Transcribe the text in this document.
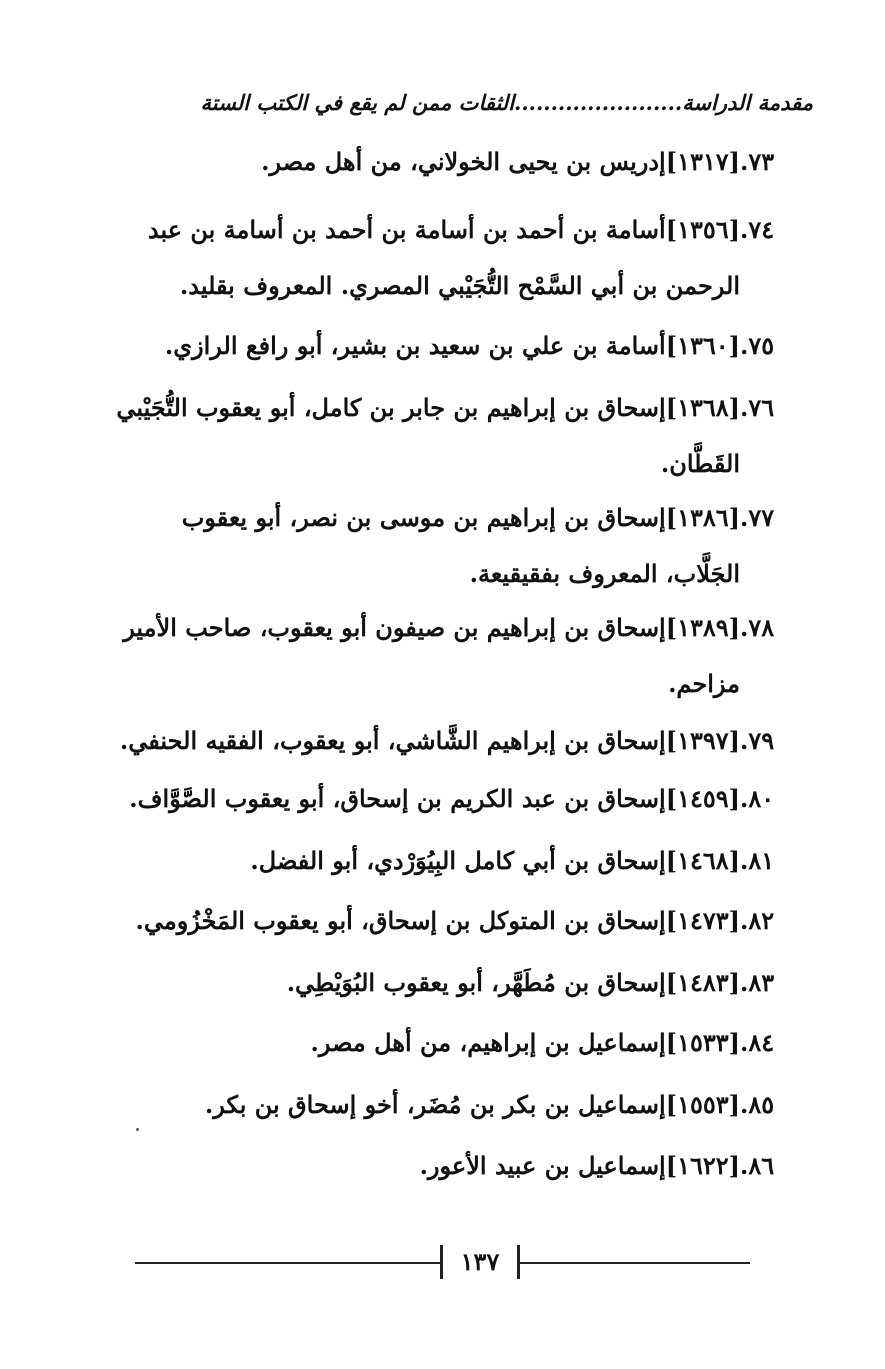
مقدمة الدراسة.......................الثقات ممن لم يقع في الكتب الستة
٧٣.[١٣١٧]إدريس بن يحيى الخولاني، من أهل مصر.
٧٤.[١٣٥٦]أسامة بن أحمد بن أسامة بن أحمد بن أسامة بن عبد
الرحمن بن أبي السَّمْح التُّجَيْبي المصري. المعروف بقليد.
٧٥.[١٣٦٠]أسامة بن علي بن سعيد بن بشير، أبو رافع الرازي.
٧٦.[١٣٦٨]إسحاق بن إبراهيم بن جابر بن كامل، أبو يعقوب التُّجَيْبي
القَطَّان.
٧٧.[١٣٨٦]إسحاق بن إبراهيم بن موسى بن نصر، أبو يعقوب
الجَلَّاب، المعروف بفقيقيعة.
٧٨.[١٣٨٩]إسحاق بن إبراهيم بن صيفون أبو يعقوب، صاحب الأمير
مزاحم.
٧٩.[١٣٩٧]إسحاق بن إبراهيم الشَّاشي، أبو يعقوب، الفقيه الحنفي.
٨٠.[١٤٥٩]إسحاق بن عبد الكريم بن إسحاق، أبو يعقوب الصَّوَّاف.
٨١.[١٤٦٨]إسحاق بن أبي كامل البِيُوَرْدي، أبو الفضل.
٨٢.[١٤٧٣]إسحاق بن المتوكل بن إسحاق، أبو يعقوب المَخْزُومي.
٨٣.[١٤٨٣]إسحاق بن مُطَهَّر، أبو يعقوب البُوَيْطِي.
٨٤.[١٥٣٣]إسماعيل بن إبراهيم، من أهل مصر.
٨٥.[١٥٥٣]إسماعيل بن بكر بن مُضَر، أخو إسحاق بن بكر.
٨٦.[١٦٢٢]إسماعيل بن عبيد الأعور.
١٣٧
